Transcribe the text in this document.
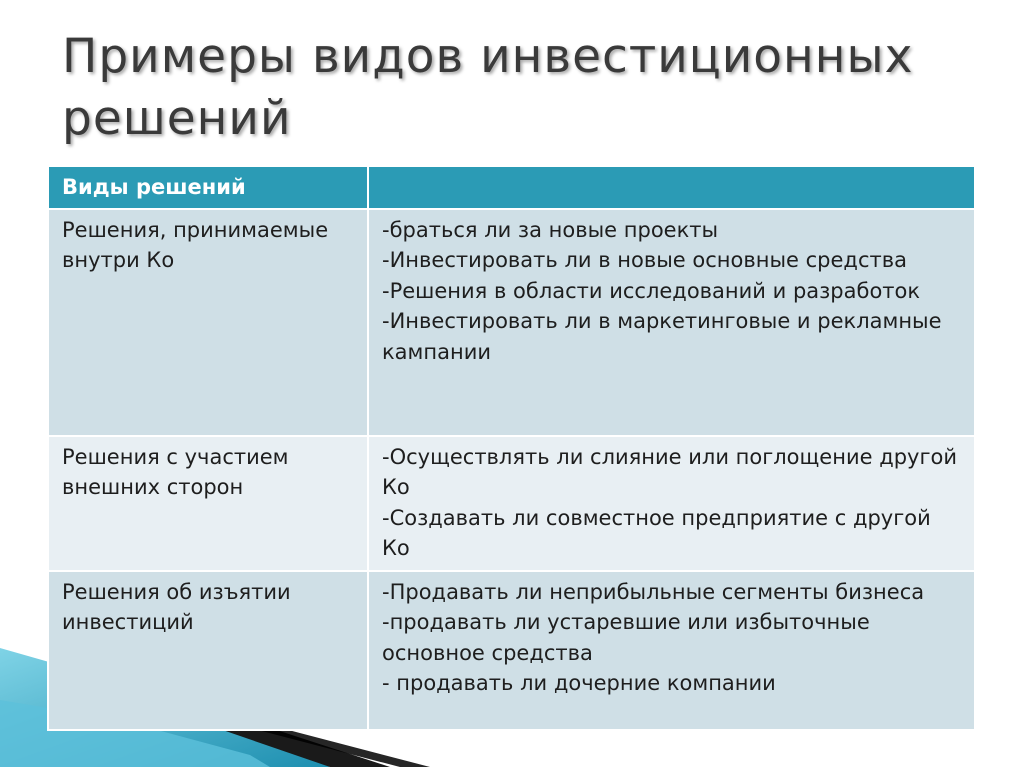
Примеры видов инвестиционных решений
Виды решений	
Решения, принимаемые внутри Ко	-браться ли за новые проекты
-Инвестировать ли в новые основные средства
-Решения в области исследований и разработок
-Инвестировать ли в маркетинговые и рекламные кампании

Решения с участием внешних сторон	-Осуществлять ли слияние или поглощение другой Ко
-Создавать ли совместное предприятие с другой Ко

Решения об изъятии инвестиций	-Продавать ли неприбыльные сегменты бизнеса
-продавать ли устаревшие или избыточные основное средства
- продавать ли дочерние компании
